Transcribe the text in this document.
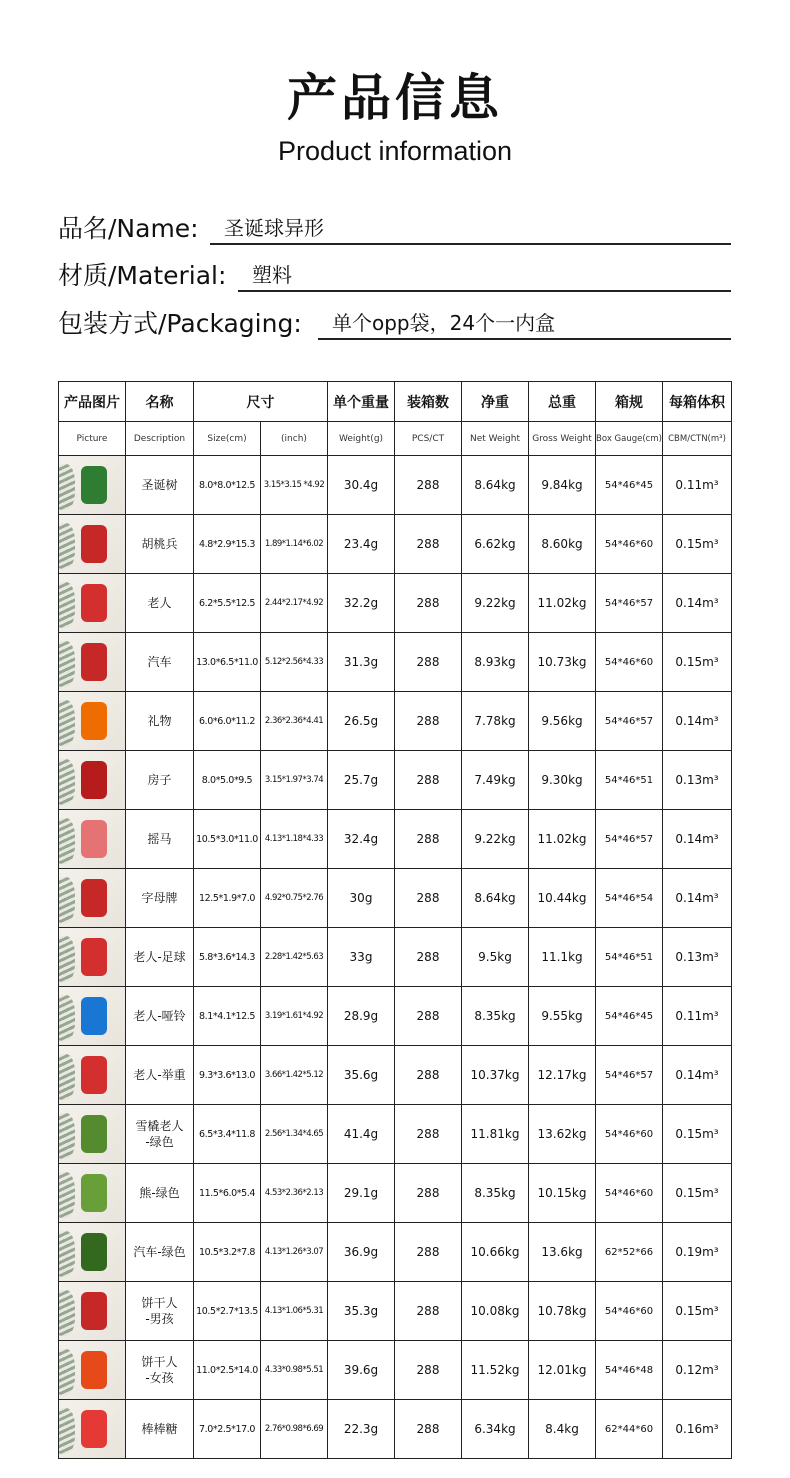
产品信息
Product information
品名/Name:	圣诞球异形
材质/Material:	塑料
包装方式/Packaging:	单个opp袋，24个一内盒
产品图片	名称	尺寸		单个重量	装箱数	净重	总重	箱规	每箱体积
Picture	Description	Size(cm)	(inch)	Weight(g)	PCS/CT	Net Weight	Gross Weight	Box Gauge(cm)	CBM/CTN(m³)

	圣诞树	8.0*8.0*12.5	3.15*3.15 *4.92	30.4g	288	8.64kg	9.84kg	54*46*45	0.11m³

	胡桃兵	4.8*2.9*15.3	1.89*1.14*6.02	23.4g	288	6.62kg	8.60kg	54*46*60	0.15m³

	老人	6.2*5.5*12.5	2.44*2.17*4.92	32.2g	288	9.22kg	11.02kg	54*46*57	0.14m³

	汽车	13.0*6.5*11.0	5.12*2.56*4.33	31.3g	288	8.93kg	10.73kg	54*46*60	0.15m³

	礼物	6.0*6.0*11.2	2.36*2.36*4.41	26.5g	288	7.78kg	9.56kg	54*46*57	0.14m³

	房子	8.0*5.0*9.5	3.15*1.97*3.74	25.7g	288	7.49kg	9.30kg	54*46*51	0.13m³

	摇马	10.5*3.0*11.0	4.13*1.18*4.33	32.4g	288	9.22kg	11.02kg	54*46*57	0.14m³

	字母牌	12.5*1.9*7.0	4.92*0.75*2.76	30g	288	8.64kg	10.44kg	54*46*54	0.14m³

	老人-足球	5.8*3.6*14.3	2.28*1.42*5.63	33g	288	9.5kg	11.1kg	54*46*51	0.13m³

	老人-哑铃	8.1*4.1*12.5	3.19*1.61*4.92	28.9g	288	8.35kg	9.55kg	54*46*45	0.11m³

	老人-举重	9.3*3.6*13.0	3.66*1.42*5.12	35.6g	288	10.37kg	12.17kg	54*46*57	0.14m³

	雪橇老人
-绿色	6.5*3.4*11.8	2.56*1.34*4.65	41.4g	288	11.81kg	13.62kg	54*46*60	0.15m³

	熊-绿色	11.5*6.0*5.4	4.53*2.36*2.13	29.1g	288	8.35kg	10.15kg	54*46*60	0.15m³

	汽车-绿色	10.5*3.2*7.8	4.13*1.26*3.07	36.9g	288	10.66kg	13.6kg	62*52*66	0.19m³

	饼干人
-男孩	10.5*2.7*13.5	4.13*1.06*5.31	35.3g	288	10.08kg	10.78kg	54*46*60	0.15m³

	饼干人
-女孩	11.0*2.5*14.0	4.33*0.98*5.51	39.6g	288	11.52kg	12.01kg	54*46*48	0.12m³

	棒棒糖	7.0*2.5*17.0	2.76*0.98*6.69	22.3g	288	6.34kg	8.4kg	62*44*60	0.16m³
